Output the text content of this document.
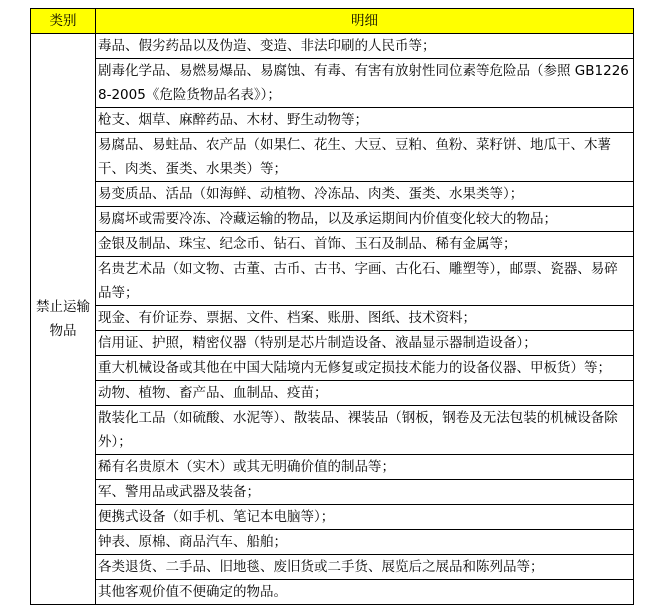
类别	明细
禁止运输物品	毒品、假劣药品以及伪造、变造、非法印刷的人民币等；
	剧毒化学品、易燃易爆品、易腐蚀、有毒、有害有放射性同位素等危险品（参照 GB12268-2005《危险货物品名表》）；
	枪支、烟草、麻醉药品、木材、野生动物等；
	易腐品、易蛀品、农产品（如果仁、花生、大豆、豆粕、鱼粉、菜籽饼、地瓜干、木薯干、肉类、蛋类、水果类）等；
	易变质品、活品（如海鲜、动植物、冷冻品、肉类、蛋类、水果类等）；
	易腐坏或需要冷冻、冷藏运输的物品，以及承运期间内价值变化较大的物品；
	金银及制品、珠宝、纪念币、钻石、首饰、玉石及制品、稀有金属等；
	名贵艺术品（如文物、古董、古币、古书、字画、古化石、雕塑等），邮票、瓷器、易碎品等；
	现金、有价证券、票据、文件、档案、账册、图纸、技术资料；
	信用证、护照，精密仪器（特别是芯片制造设备、液晶显示器制造设备）；
	重大机械设备或其他在中国大陆境内无修复或定损技术能力的设备仪器、甲板货）等；
	动物、植物、畜产品、血制品、疫苗；
	散装化工品（如硫酸、水泥等）、散装品、裸装品（钢板，钢卷及无法包装的机械设备除外）；
	稀有名贵原木（实木）或其无明确价值的制品等；
	军、警用品或武器及装备；
	便携式设备（如手机、笔记本电脑等）；
	钟表、原棉、商品汽车、船舶；
	各类退货、二手品、旧地毯、废旧货或二手货、展览后之展品和陈列品等；
	其他客观价值不便确定的物品。
